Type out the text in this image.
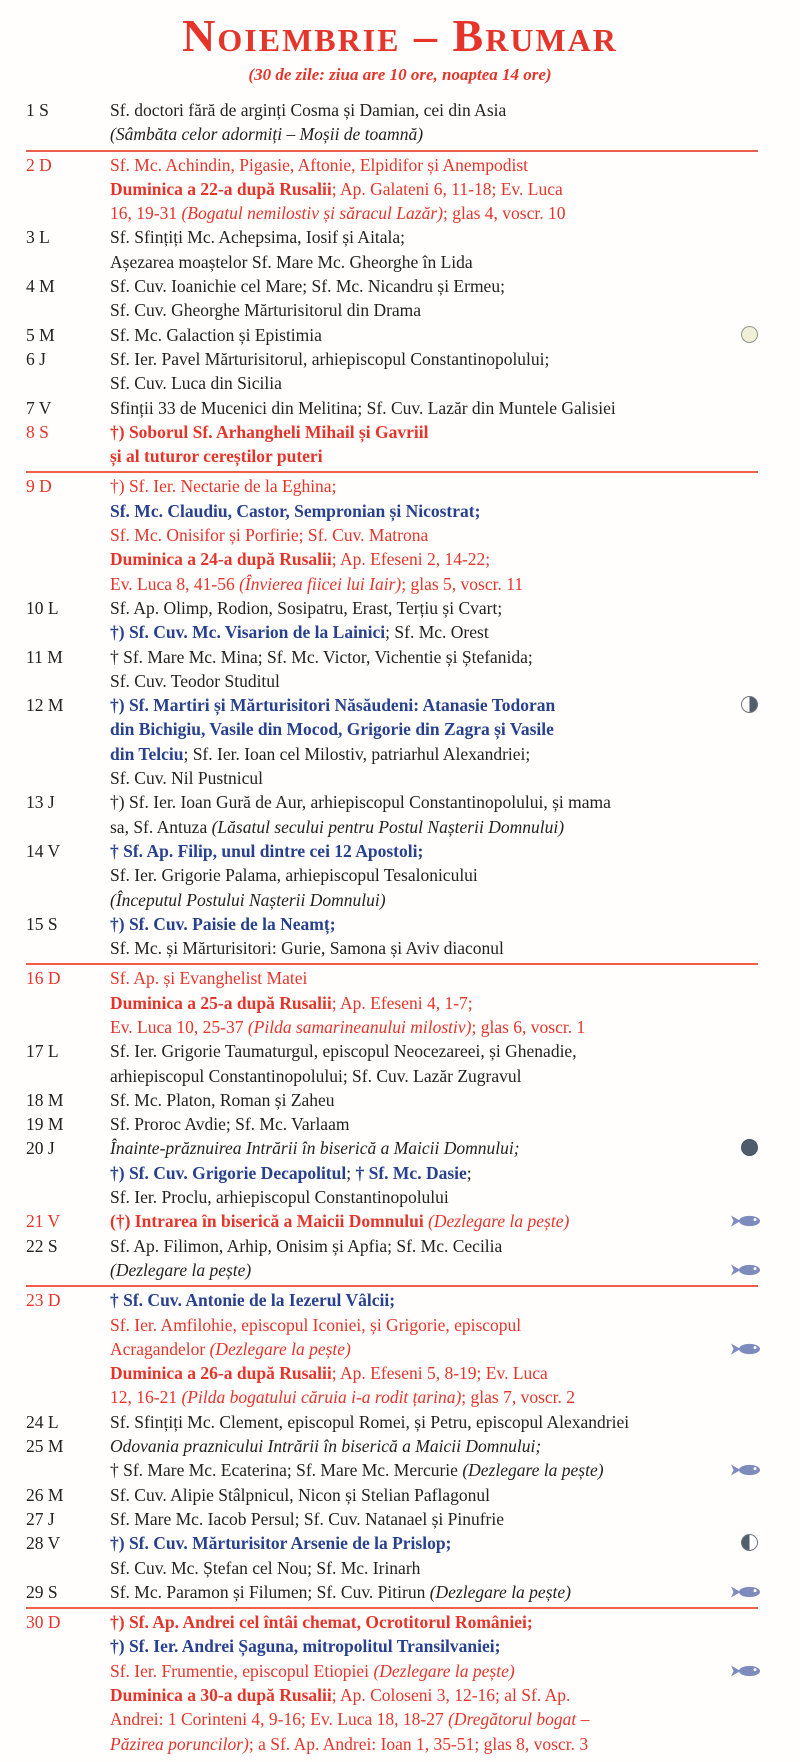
Noiembrie – Brumar
(30 de zile: ziua are 10 ore, noaptea 14 ore)
1 S	Sf. doctori fără de arginți Cosma și Damian, cei din Asia
(Sâmbăta celor adormiți – Moșii de toamnă)
2 D	Sf. Mc. Achindin, Pigasie, Aftonie, Elpidifor și Anempodist
Duminica a 22-a după Rusalii; Ap. Galateni 6, 11-18; Ev. Luca
16, 19-31 (Bogatul nemilostiv și săracul Lazăr); glas 4, voscr. 10
3 L	Sf. Sfințiți Mc. Achepsima, Iosif și Aitala;
Așezarea moaștelor Sf. Mare Mc. Gheorghe în Lida
4 M	Sf. Cuv. Ioanichie cel Mare; Sf. Mc. Nicandru și Ermeu;
Sf. Cuv. Gheorghe Mărturisitorul din Drama
5 M	Sf. Mc. Galaction și Epistimia
6 J	Sf. Ier. Pavel Mărturisitorul, arhiepiscopul Constantinopolului;
Sf. Cuv. Luca din Sicilia
7 V	Sfinții 33 de Mucenici din Melitina; Sf. Cuv. Lazăr din Muntele Galisiei
8 S	†) Soborul Sf. Arhangheli Mihail și Gavriil
și al tuturor cereștilor puteri
9 D	†) Sf. Ier. Nectarie de la Eghina;
Sf. Mc. Claudiu, Castor, Sempronian și Nicostrat;
Sf. Mc. Onisifor și Porfirie; Sf. Cuv. Matrona
Duminica a 24-a după Rusalii; Ap. Efeseni 2, 14-22;
Ev. Luca 8, 41-56 (Învierea fiicei lui Iair); glas 5, voscr. 11
10 L	Sf. Ap. Olimp, Rodion, Sosipatru, Erast, Terțiu și Cvart;
†) Sf. Cuv. Mc. Visarion de la Lainici; Sf. Mc. Orest
11 M	† Sf. Mare Mc. Mina; Sf. Mc. Victor, Vichentie și Ștefanida;
Sf. Cuv. Teodor Studitul
12 M	†) Sf. Martiri și Mărturisitori Năsăudeni: Atanasie Todoran
din Bichigiu, Vasile din Mocod, Grigorie din Zagra și Vasile
din Telciu; Sf. Ier. Ioan cel Milostiv, patriarhul Alexandriei;
Sf. Cuv. Nil Pustnicul
13 J	†) Sf. Ier. Ioan Gură de Aur, arhiepiscopul Constantinopolului, și mama
sa, Sf. Antuza (Lăsatul secului pentru Postul Nașterii Domnului)
14 V	† Sf. Ap. Filip, unul dintre cei 12 Apostoli;
Sf. Ier. Grigorie Palama, arhiepiscopul Tesalonicului
(Începutul Postului Nașterii Domnului)
15 S	†) Sf. Cuv. Paisie de la Neamț;
Sf. Mc. și Mărturisitori: Gurie, Samona și Aviv diaconul
16 D	Sf. Ap. și Evanghelist Matei
Duminica a 25-a după Rusalii; Ap. Efeseni 4, 1-7;
Ev. Luca 10, 25-37 (Pilda samarineanului milostiv); glas 6, voscr. 1
17 L	Sf. Ier. Grigorie Taumaturgul, episcopul Neocezareei, și Ghenadie,
arhiepiscopul Constantinopolului; Sf. Cuv. Lazăr Zugravul
18 M	Sf. Mc. Platon, Roman și Zaheu
19 M	Sf. Proroc Avdie; Sf. Mc. Varlaam
20 J	Înainte-prăznuirea Intrării în biserică a Maicii Domnului;
†) Sf. Cuv. Grigorie Decapolitul; † Sf. Mc. Dasie;
Sf. Ier. Proclu, arhiepiscopul Constantinopolului
21 V	(†) Intrarea în biserică a Maicii Domnului (Dezlegare la pește)
22 S	Sf. Ap. Filimon, Arhip, Onisim și Apfia; Sf. Mc. Cecilia
(Dezlegare la pește)
23 D	† Sf. Cuv. Antonie de la Iezerul Vâlcii;
Sf. Ier. Amfilohie, episcopul Iconiei, și Grigorie, episcopul
Acragandelor (Dezlegare la pește)
Duminica a 26-a după Rusalii; Ap. Efeseni 5, 8-19; Ev. Luca
12, 16-21 (Pilda bogatului căruia i-a rodit țarina); glas 7, voscr. 2
24 L	Sf. Sfințiți Mc. Clement, episcopul Romei, și Petru, episcopul Alexandriei
25 M	Odovania praznicului Intrării în biserică a Maicii Domnului;
† Sf. Mare Mc. Ecaterina; Sf. Mare Mc. Mercurie (Dezlegare la pește)
26 M	Sf. Cuv. Alipie Stâlpnicul, Nicon și Stelian Paflagonul
27 J	Sf. Mare Mc. Iacob Persul; Sf. Cuv. Natanael și Pinufrie
28 V	†) Sf. Cuv. Mărturisitor Arsenie de la Prislop;
Sf. Cuv. Mc. Ștefan cel Nou; Sf. Mc. Irinarh
29 S	Sf. Mc. Paramon și Filumen; Sf. Cuv. Pitirun (Dezlegare la pește)
30 D	†) Sf. Ap. Andrei cel întâi chemat, Ocrotitorul României;
†) Sf. Ier. Andrei Șaguna, mitropolitul Transilvaniei;
Sf. Ier. Frumentie, episcopul Etiopiei (Dezlegare la pește)
Duminica a 30-a după Rusalii; Ap. Coloseni 3, 12-16; al Sf. Ap.
Andrei: 1 Corinteni 4, 9-16; Ev. Luca 18, 18-27 (Dregătorul bogat –
Păzirea poruncilor); a Sf. Ap. Andrei: Ioan 1, 35-51; glas 8, voscr. 3
